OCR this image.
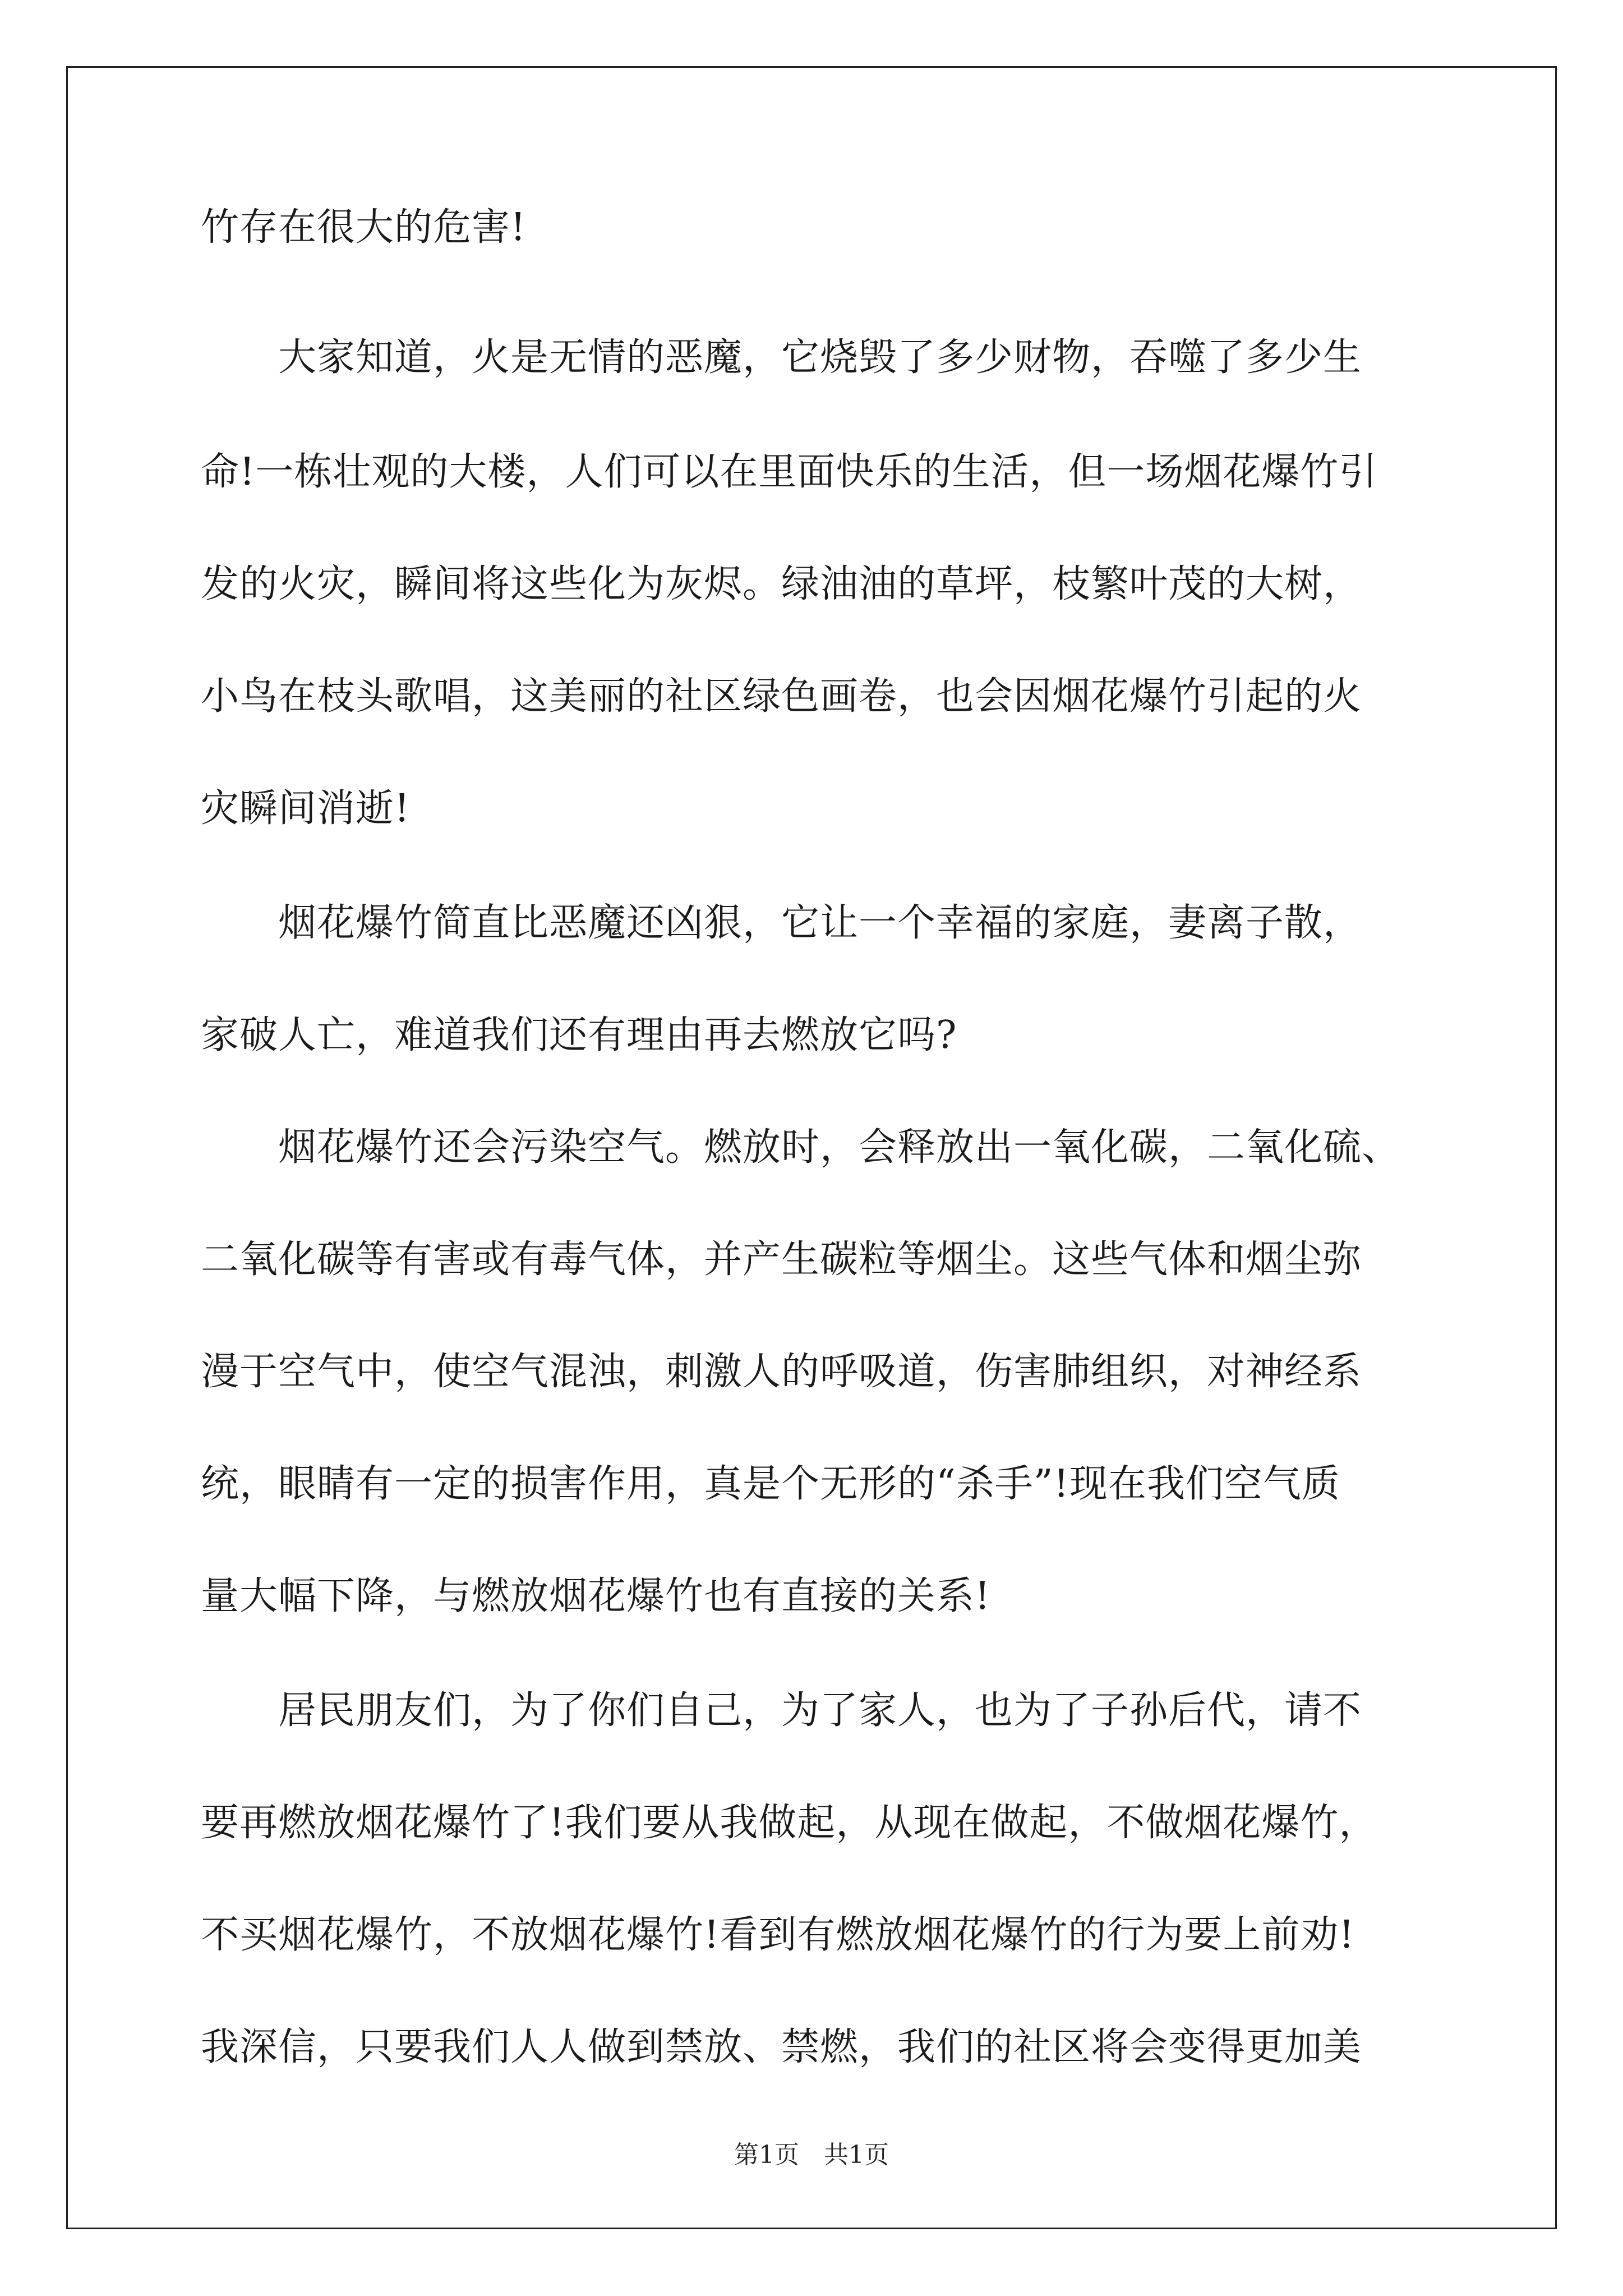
竹存在很大的危害!
　　大家知道，火是无情的恶魔，它烧毁了多少财物，吞噬了多少生
命!一栋壮观的大楼，人们可以在里面快乐的生活，但一场烟花爆竹引
发的火灾，瞬间将这些化为灰烬。绿油油的草坪，枝繁叶茂的大树，
小鸟在枝头歌唱，这美丽的社区绿色画卷，也会因烟花爆竹引起的火
灾瞬间消逝!
　　烟花爆竹简直比恶魔还凶狠，它让一个幸福的家庭，妻离子散，
家破人亡，难道我们还有理由再去燃放它吗?
　　烟花爆竹还会污染空气。燃放时，会释放出一氧化碳，二氧化硫、
二氧化碳等有害或有毒气体，并产生碳粒等烟尘。这些气体和烟尘弥
漫于空气中，使空气混浊，刺激人的呼吸道，伤害肺组织，对神经系
统，眼睛有一定的损害作用，真是个无形的“杀手”!现在我们空气质
量大幅下降，与燃放烟花爆竹也有直接的关系!
　　居民朋友们，为了你们自己，为了家人，也为了子孙后代，请不
要再燃放烟花爆竹了!我们要从我做起，从现在做起，不做烟花爆竹，
不买烟花爆竹，不放烟花爆竹!看到有燃放烟花爆竹的行为要上前劝!
我深信，只要我们人人做到禁放、禁燃，我们的社区将会变得更加美
第1页　共1页
